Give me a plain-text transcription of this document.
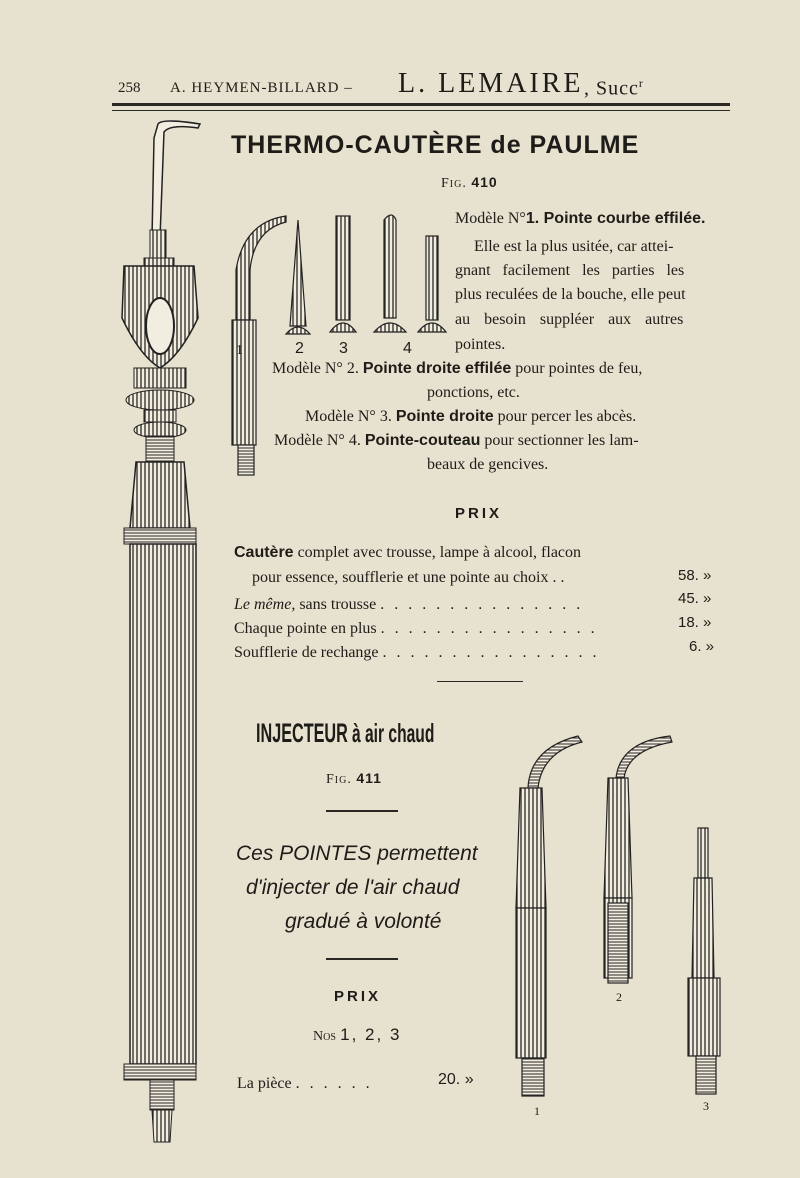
258 A. HEYMEN-BILLARD – L. LEMAIRE , Succ$^r$
THERMO-CAUTÈRE de PAULME
Fig. 410
1	2 3	4
Modèle N°1. Pointe courbe effilée.
Elle est la plus usitée, car attei-
gnant facilement les parties les
plus reculées de la bouche, elle peut
au besoin suppléer aux autres
pointes.
Modèle N° 2. Pointe droite effilée pour pointes de feu,
ponctions, etc.
Modèle N° 3. Pointe droite pour percer les abcès.
Modèle N° 4. Pointe-couteau pour sectionner les lam-
beaux de gencives.
PRIX
Cautère complet avec trousse, lampe à alcool, flacon
pour essence, soufflerie et une pointe au choix . .	58. »
Le même, sans trousse . . . . . . . . . . . . . . .	45. »
Chaque pointe en plus . . . . . . . . . . . . . . . .	18. »
Soufflerie de rechange . . . . . . . . . . . . . . . .	6. »
INJECTEUR à air chaud
Fig. 411
Ces POINTES permettent
d'injecter de l'air chaud
gradué à volonté
PRIX
Nos 1, 2, 3
La pièce . . . . . .	20. »
1
2
3
